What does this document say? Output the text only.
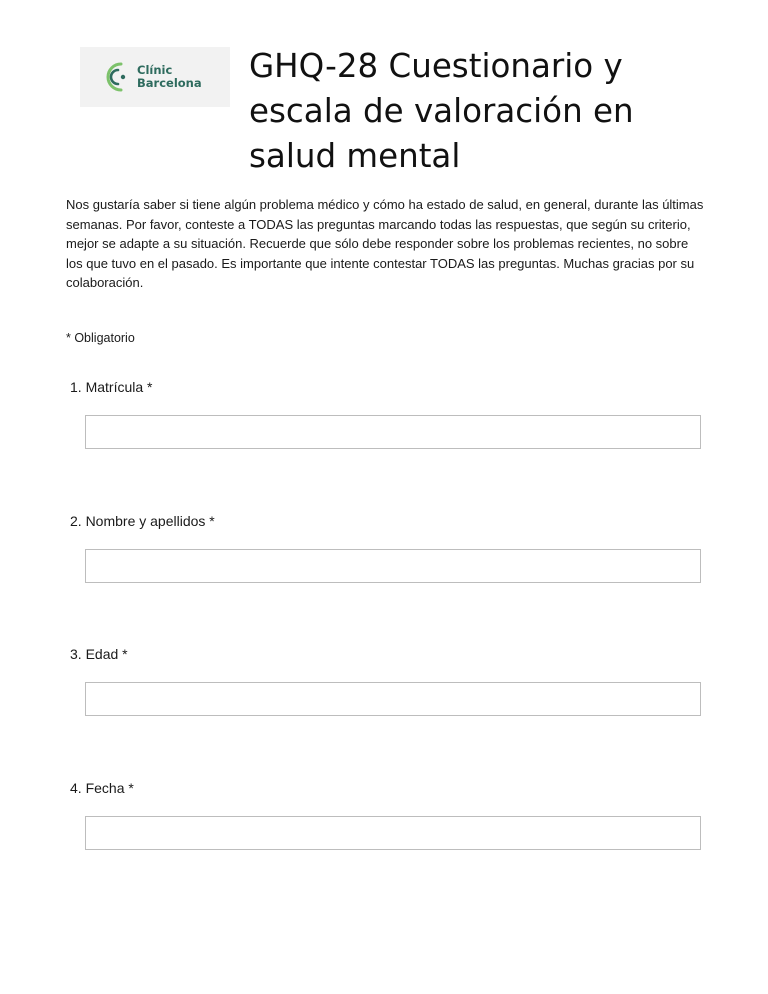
Clínic
Barcelona GHQ-28 Cuestionario y escala de valoración en salud mental

Nos gustaría saber si tiene algún problema médico y cómo ha estado de salud, en general, durante las últimas semanas. Por favor, conteste a TODAS las preguntas marcando todas las respuestas, que según su criterio, mejor se adapte a su situación. Recuerde que sólo debe responder sobre los problemas recientes, no sobre los que tuvo en el pasado. Es importante que intente contestar TODAS las preguntas. Muchas gracias por su colaboración.

* Obligatorio
1. Matrícula *
2. Nombre y apellidos *
3. Edad *
4. Fecha *
